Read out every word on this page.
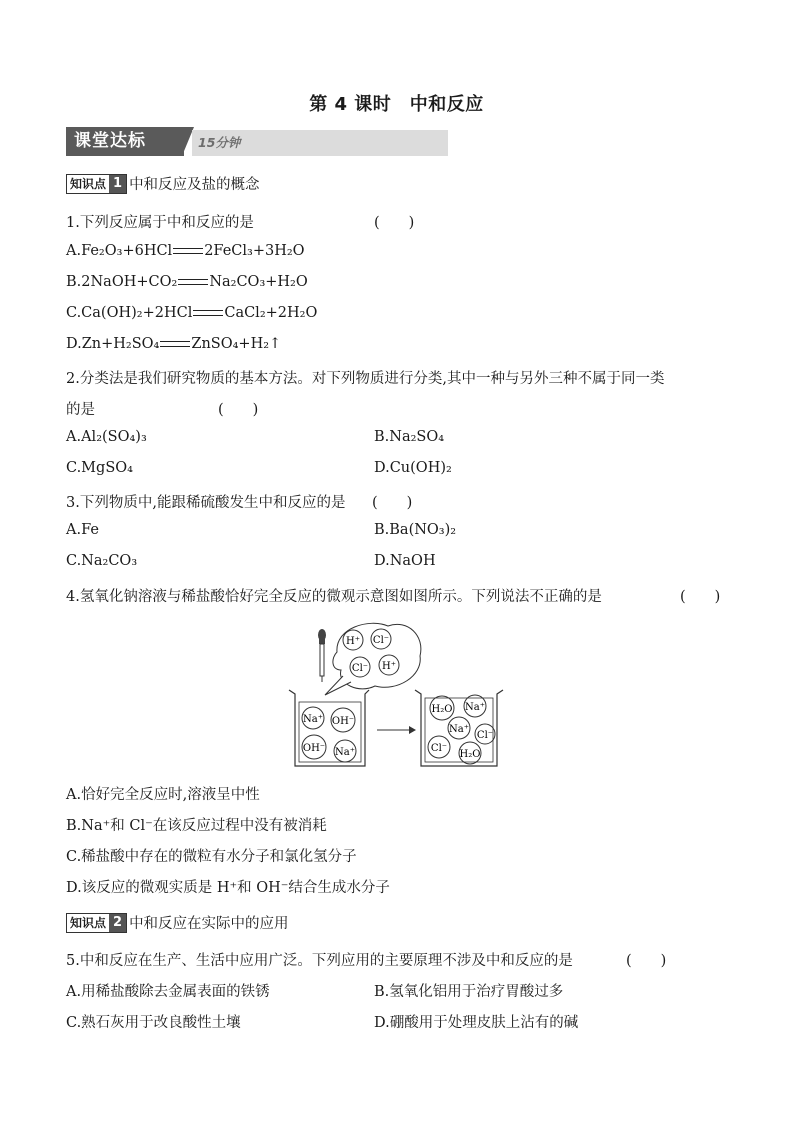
第 4 课时　中和反应
课堂达标	15分钟
知识点 1 中和反应及盐的概念
1.下列反应属于中和反应的是	(　　)
A.Fe₂O₃+6HCl 2FeCl₃+3H₂O
B.2NaOH+CO₂ Na₂CO₃+H₂O
C.Ca(OH)₂+2HCl CaCl₂+2H₂O
D.Zn+H₂SO₄ ZnSO₄+H₂↑
2.分类法是我们研究物质的基本方法。对下列物质进行分类,其中一种与另外三种不属于同一类
的是	(　　)
A.Al₂(SO₄)₃	B.Na₂SO₄
C.MgSO₄	D.Cu(OH)₂
3.下列物质中,能跟稀硫酸发生中和反应的是 (　　)
A.Fe	B.Ba(NO₃)₂
C.Na₂CO₃	D.NaOH
4.氢氧化钠溶液与稀盐酸恰好完全反应的微观示意图如图所示。下列说法不正确的是	(　　)
H⁺ Cl⁻
Cl⁻ H⁺
Na⁺ OH⁻
OH⁻ Na⁺
H₂O Na⁺
Na⁺
Cl⁻
Cl⁻
H₂O
A.恰好完全反应时,溶液呈中性
B.Na⁺和 Cl⁻在该反应过程中没有被消耗
C.稀盐酸中存在的微粒有水分子和氯化氢分子
D.该反应的微观实质是 H⁺和 OH⁻结合生成水分子
知识点 2 中和反应在实际中的应用
5.中和反应在生产、生活中应用广泛。下列应用的主要原理不涉及中和反应的是	(　　)
A.用稀盐酸除去金属表面的铁锈	B.氢氧化铝用于治疗胃酸过多
C.熟石灰用于改良酸性土壤	D.硼酸用于处理皮肤上沾有的碱
